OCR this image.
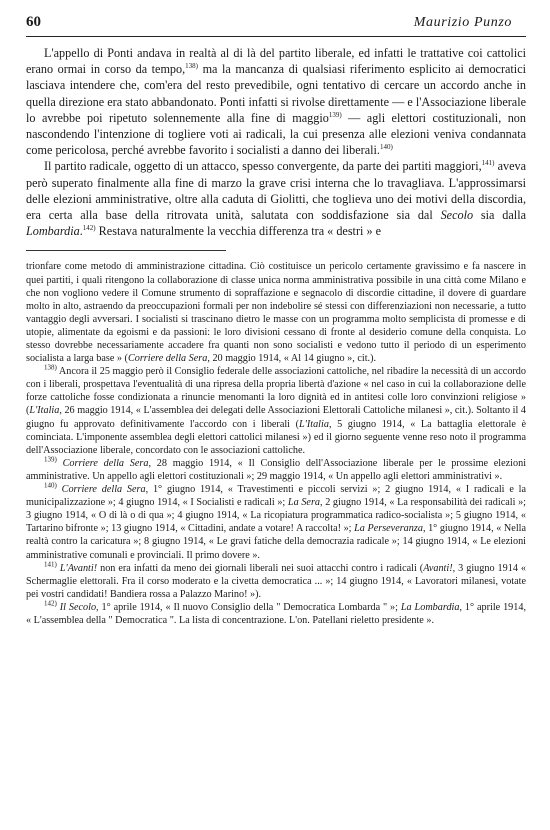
60	Maurizio Punzo

L'appello di Ponti andava in realtà al di là del partito liberale, ed infatti le trattative coi cattolici erano ormai in corso da tempo,$^{138)}$ ma la mancanza di qualsiasi riferimento esplicito ai democratici lasciava intendere che, com'era del resto prevedibile, ogni tentativo di cercare un accordo anche in quella direzione era stato abbandonato. Ponti infatti si rivolse direttamente — e l'Associazione liberale lo avrebbe poi ripetuto solennemente alla fine di maggio$^{139)}$ — agli elettori costituzionali, non nascondendo l'intenzione di togliere voti ai radicali, la cui presenza alle elezioni veniva condannata come pericolosa, perché avrebbe favorito i socialisti a danno dei liberali.$^{140)}$

Il partito radicale, oggetto di un attacco, spesso convergente, da parte dei partiti maggiori,$^{141)}$ aveva però superato finalmente alla fine di marzo la grave crisi interna che lo travagliava. L'approssimarsi delle elezioni amministrative, oltre alla caduta di Giolitti, che toglieva uno dei motivi della discordia, era certa alla base della ritrovata unità, salutata con soddisfazione sia dal Secolo sia dalla Lombardia.$^{142)}$ Restava naturalmente la vecchia differenza tra « destri » e

trionfare come metodo di amministrazione cittadina. Ciò costituisce un pericolo certamente gravissimo e fa nascere in quei partiti, i quali ritengono la collaborazione di classe unica norma amministrativa possibile in una città come Milano e che non vogliono vedere il Comune strumento di sopraffazione e segnacolo di discordie cittadine, il dovere di guardare molto in alto, astraendo da preoccupazioni formali per non indebolire sé stessi con differenziazioni non necessarie, a tutto vantaggio degli avversari. I socialisti si trascinano dietro le masse con un programma molto semplicista di promesse e di utopie, alimentate da egoismi e da passioni: le loro divisioni cessano di fronte al desiderio comune della conquista. Lo stesso dovrebbe necessariamente accadere fra quanti non sono socialisti e vedono tutto il periodo di un esperimento socialista a larga base » (Corriere della Sera, 20 maggio 1914, « Al 14 giugno », cit.).

$^{138)}$ Ancora il 25 maggio però il Consiglio federale delle associazioni cattoliche, nel ribadire la necessità di un accordo con i liberali, prospettava l'eventualità di una ripresa della propria libertà d'azione « nel caso in cui la collaborazione delle forze cattoliche fosse condizionata a rinuncie menomanti la loro dignità ed in antitesi colle loro convinzioni religiose » (L'Italia, 26 maggio 1914, « L'assemblea dei delegati delle Associazioni Elettorali Cattoliche milanesi », cit.). Soltanto il 4 giugno fu approvato definitivamente l'accordo con i liberali (L'Italia, 5 giugno 1914, « La battaglia elettorale è cominciata. L'imponente assemblea degli elettori cattolici milanesi ») ed il giorno seguente venne reso noto il programma dell'Associazione liberale, concordato con le associazioni cattoliche.

$^{139)}$ Corriere della Sera, 28 maggio 1914, « Il Consiglio dell'Associazione liberale per le prossime elezioni amministrative. Un appello agli elettori costituzionali »; 29 maggio 1914, « Un appello agli elettori amministrativi ».

$^{140)}$ Corriere della Sera, 1° giugno 1914, « Travestimenti e piccoli servizi »; 2 giugno 1914, « I radicali e la municipalizzazione »; 4 giugno 1914, « I Socialisti e radicali »; La Sera, 2 giugno 1914, « La responsabilità dei radicali »; 3 giugno 1914, « O di là o di qua »; 4 giugno 1914, « La ricopiatura programmatica radico-socialista »; 5 giugno 1914, « Tartarino bifronte »; 13 giugno 1914, « Cittadini, andate a votare! A raccolta! »; La Perseveranza, 1° giugno 1914, « Nella realtà contro la caricatura »; 8 giugno 1914, « Le gravi fatiche della democrazia radicale »; 14 giugno 1914, « Le elezioni amministrative comunali e provinciali. Il primo dovere ».

$^{141)}$ L'Avanti! non era infatti da meno dei giornali liberali nei suoi attacchi contro i radicali (Avanti!, 3 giugno 1914 « Schermaglie elettorali. Fra il corso moderato e la civetta democratica ... »; 14 giugno 1914, « Lavoratori milanesi, votate pei vostri candidati! Bandiera rossa a Palazzo Marino! »).

$^{142)}$ Il Secolo, 1° aprile 1914, « Il nuovo Consiglio della " Democratica Lombarda " »; La Lombardia, 1° aprile 1914, « L'assemblea della " Democratica ". La lista di concentrazione. L'on. Patellani rieletto presidente ».
